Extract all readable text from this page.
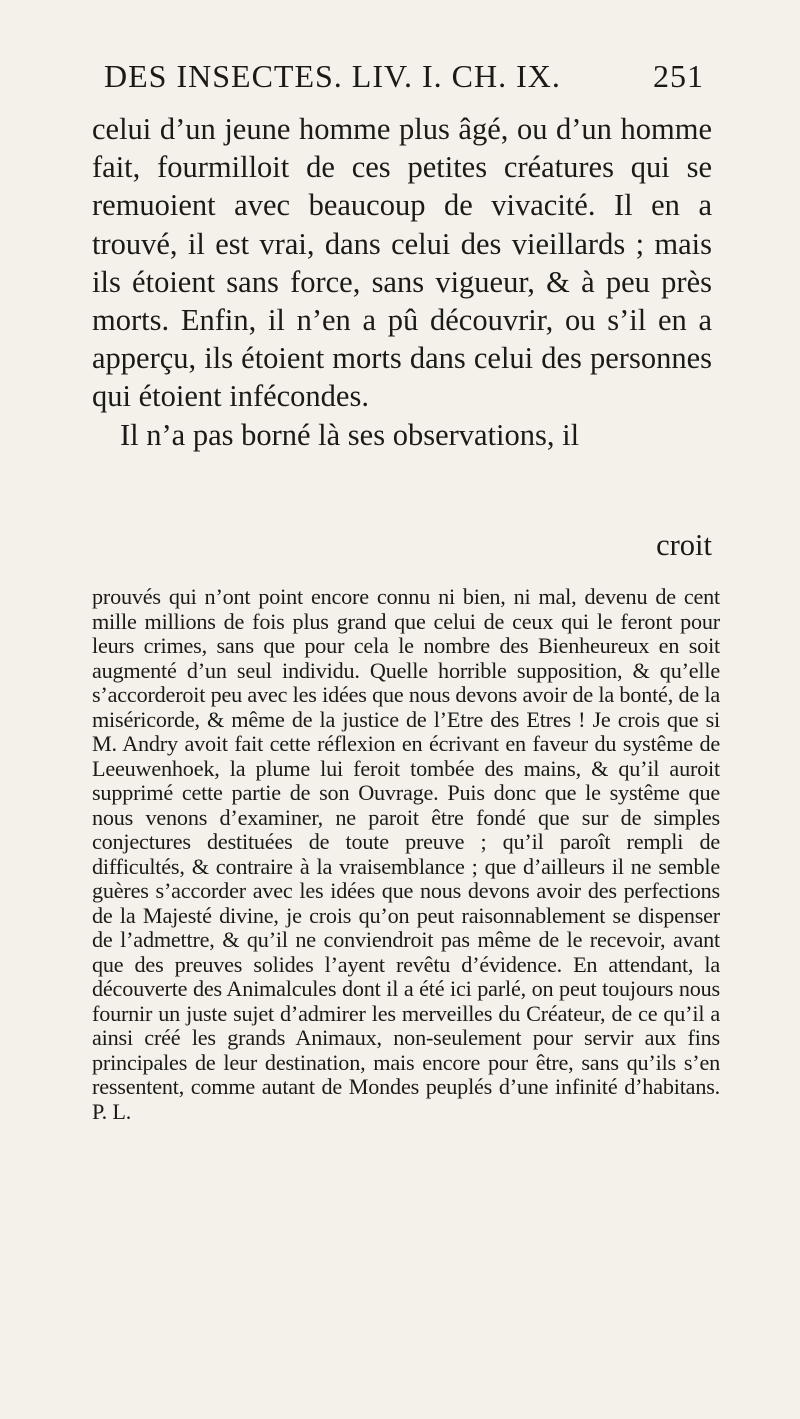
DES INSECTES. LIV. I. CH. IX.	251

celui d’un jeune homme plus âgé, ou d’un homme fait, fourmilloit de ces petites créatures qui se remuoient avec beaucoup de vivacité. Il en a trouvé, il est vrai, dans celui des vieillards ; mais ils étoient sans force, sans vigueur, & à peu près morts. Enfin, il n’en a pû découvrir, ou s’il en a apperçu, ils étoient morts dans celui des personnes qui étoient infécondes.

Il n’a pas borné là ses observations, il

croit

prouvés qui n’ont point encore connu ni bien, ni mal, devenu de cent mille millions de fois plus grand que celui de ceux qui le feront pour leurs crimes, sans que pour cela le nombre des Bienheureux en soit augmenté d’un seul individu. Quelle horrible supposition, & qu’elle s’accorderoit peu avec les idées que nous devons avoir de la bonté, de la miséricorde, & même de la justice de l’Etre des Etres ! Je crois que si M. Andry avoit fait cette réflexion en écrivant en faveur du systême de Leeuwenhoek, la plume lui feroit tombée des mains, & qu’il auroit supprimé cette partie de son Ouvrage. Puis donc que le systême que nous venons d’examiner, ne paroit être fondé que sur de simples conjectures destituées de toute preuve ; qu’il paroît rempli de difficultés, & contraire à la vraisemblance ; que d’ailleurs il ne semble guères s’accorder avec les idées que nous devons avoir des perfections de la Majesté divine, je crois qu’on peut raisonnablement se dispenser de l’admettre, & qu’il ne conviendroit pas même de le recevoir, avant que des preuves solides l’ayent revêtu d’évidence. En attendant, la découverte des Animalcules dont il a été ici parlé, on peut toujours nous fournir un juste sujet d’admirer les merveilles du Créateur, de ce qu’il a ainsi créé les grands Animaux, non-seulement pour servir aux fins principales de leur destination, mais encore pour être, sans qu’ils s’en ressentent, comme autant de Mondes peuplés d’une infinité d’habitans. P. L.
